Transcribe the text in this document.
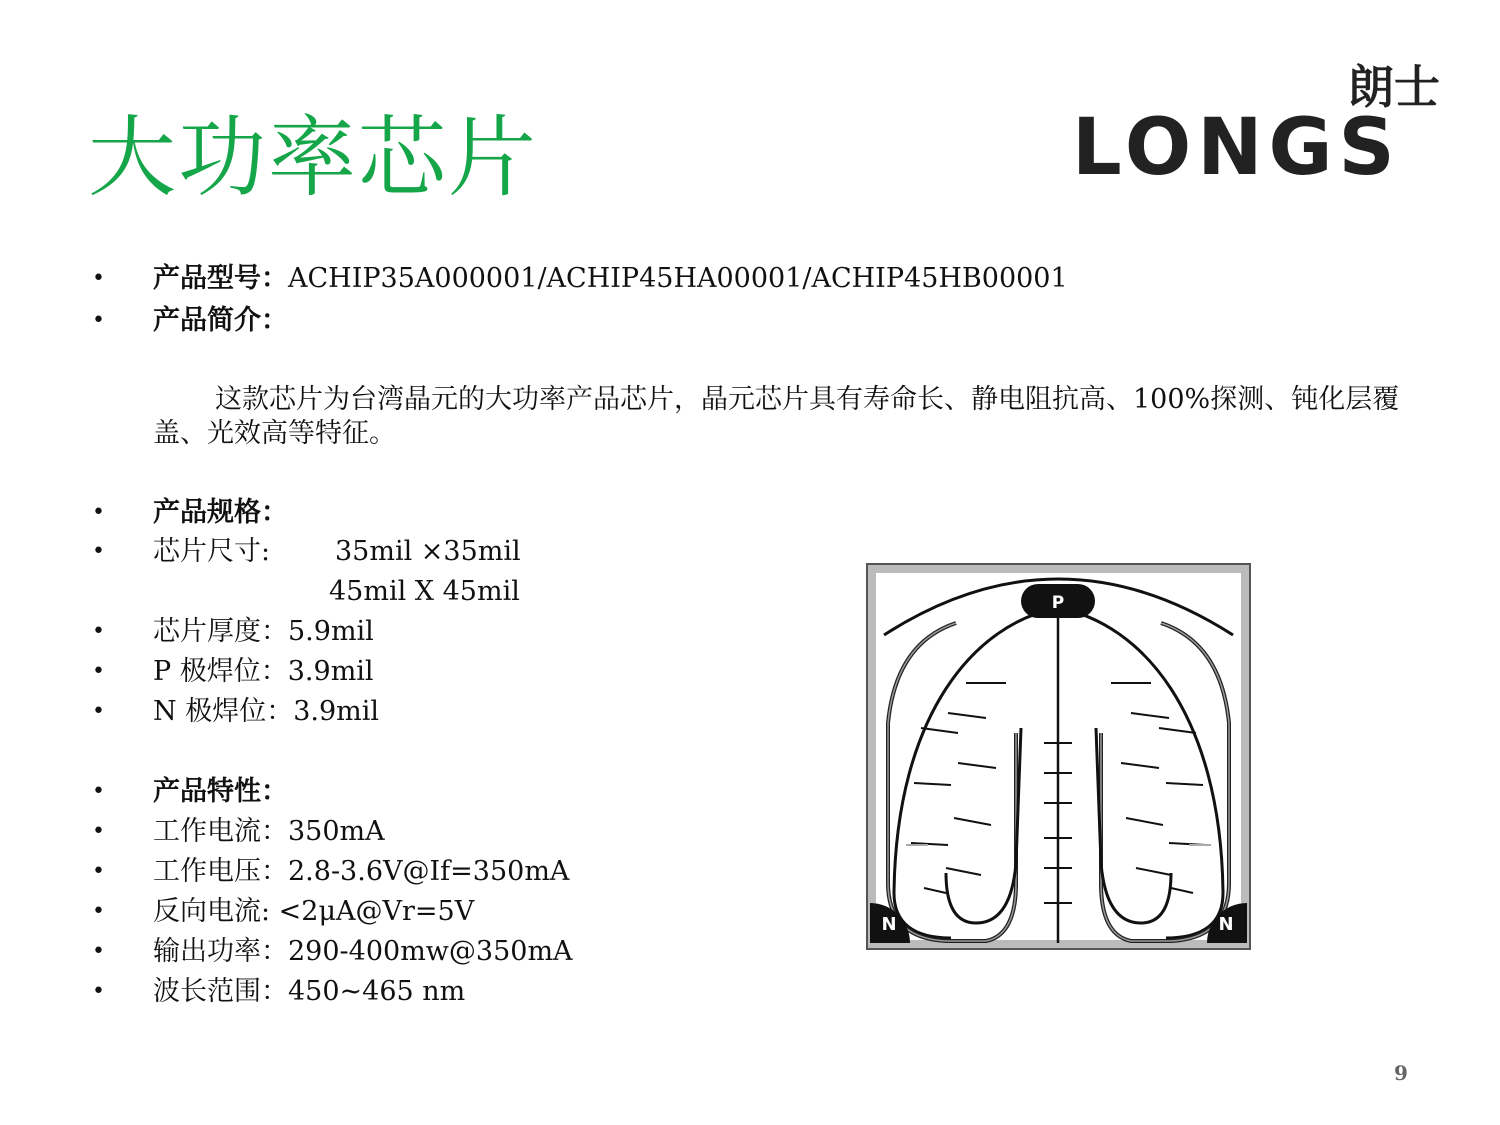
大功率芯片
朗士
LONGS
• 产品型号：ACHIP35A000001/ACHIP45HA00001/ACHIP45HB00001
• 产品简介：

这款芯片为台湾晶元的大功率产品芯片，晶元芯片具有寿命长、静电阻抗高、100%探测、钝化层覆盖、光效高等特征。

• 产品规格：
• 芯片尺寸: 35mil ×35mil
45mil X 45mil
• 芯片厚度：5.9mil
• P 极焊位：3.9mil
• N 极焊位：3.9mil
• 产品特性：
• 工作电流：350mA
• 工作电压：2.8-3.6V@If=350mA
• 反向电流: <2μA@Vr=5V
• 输出功率：290-400mw@350mA
• 波长范围：450~465 nm
P
N	N
9
